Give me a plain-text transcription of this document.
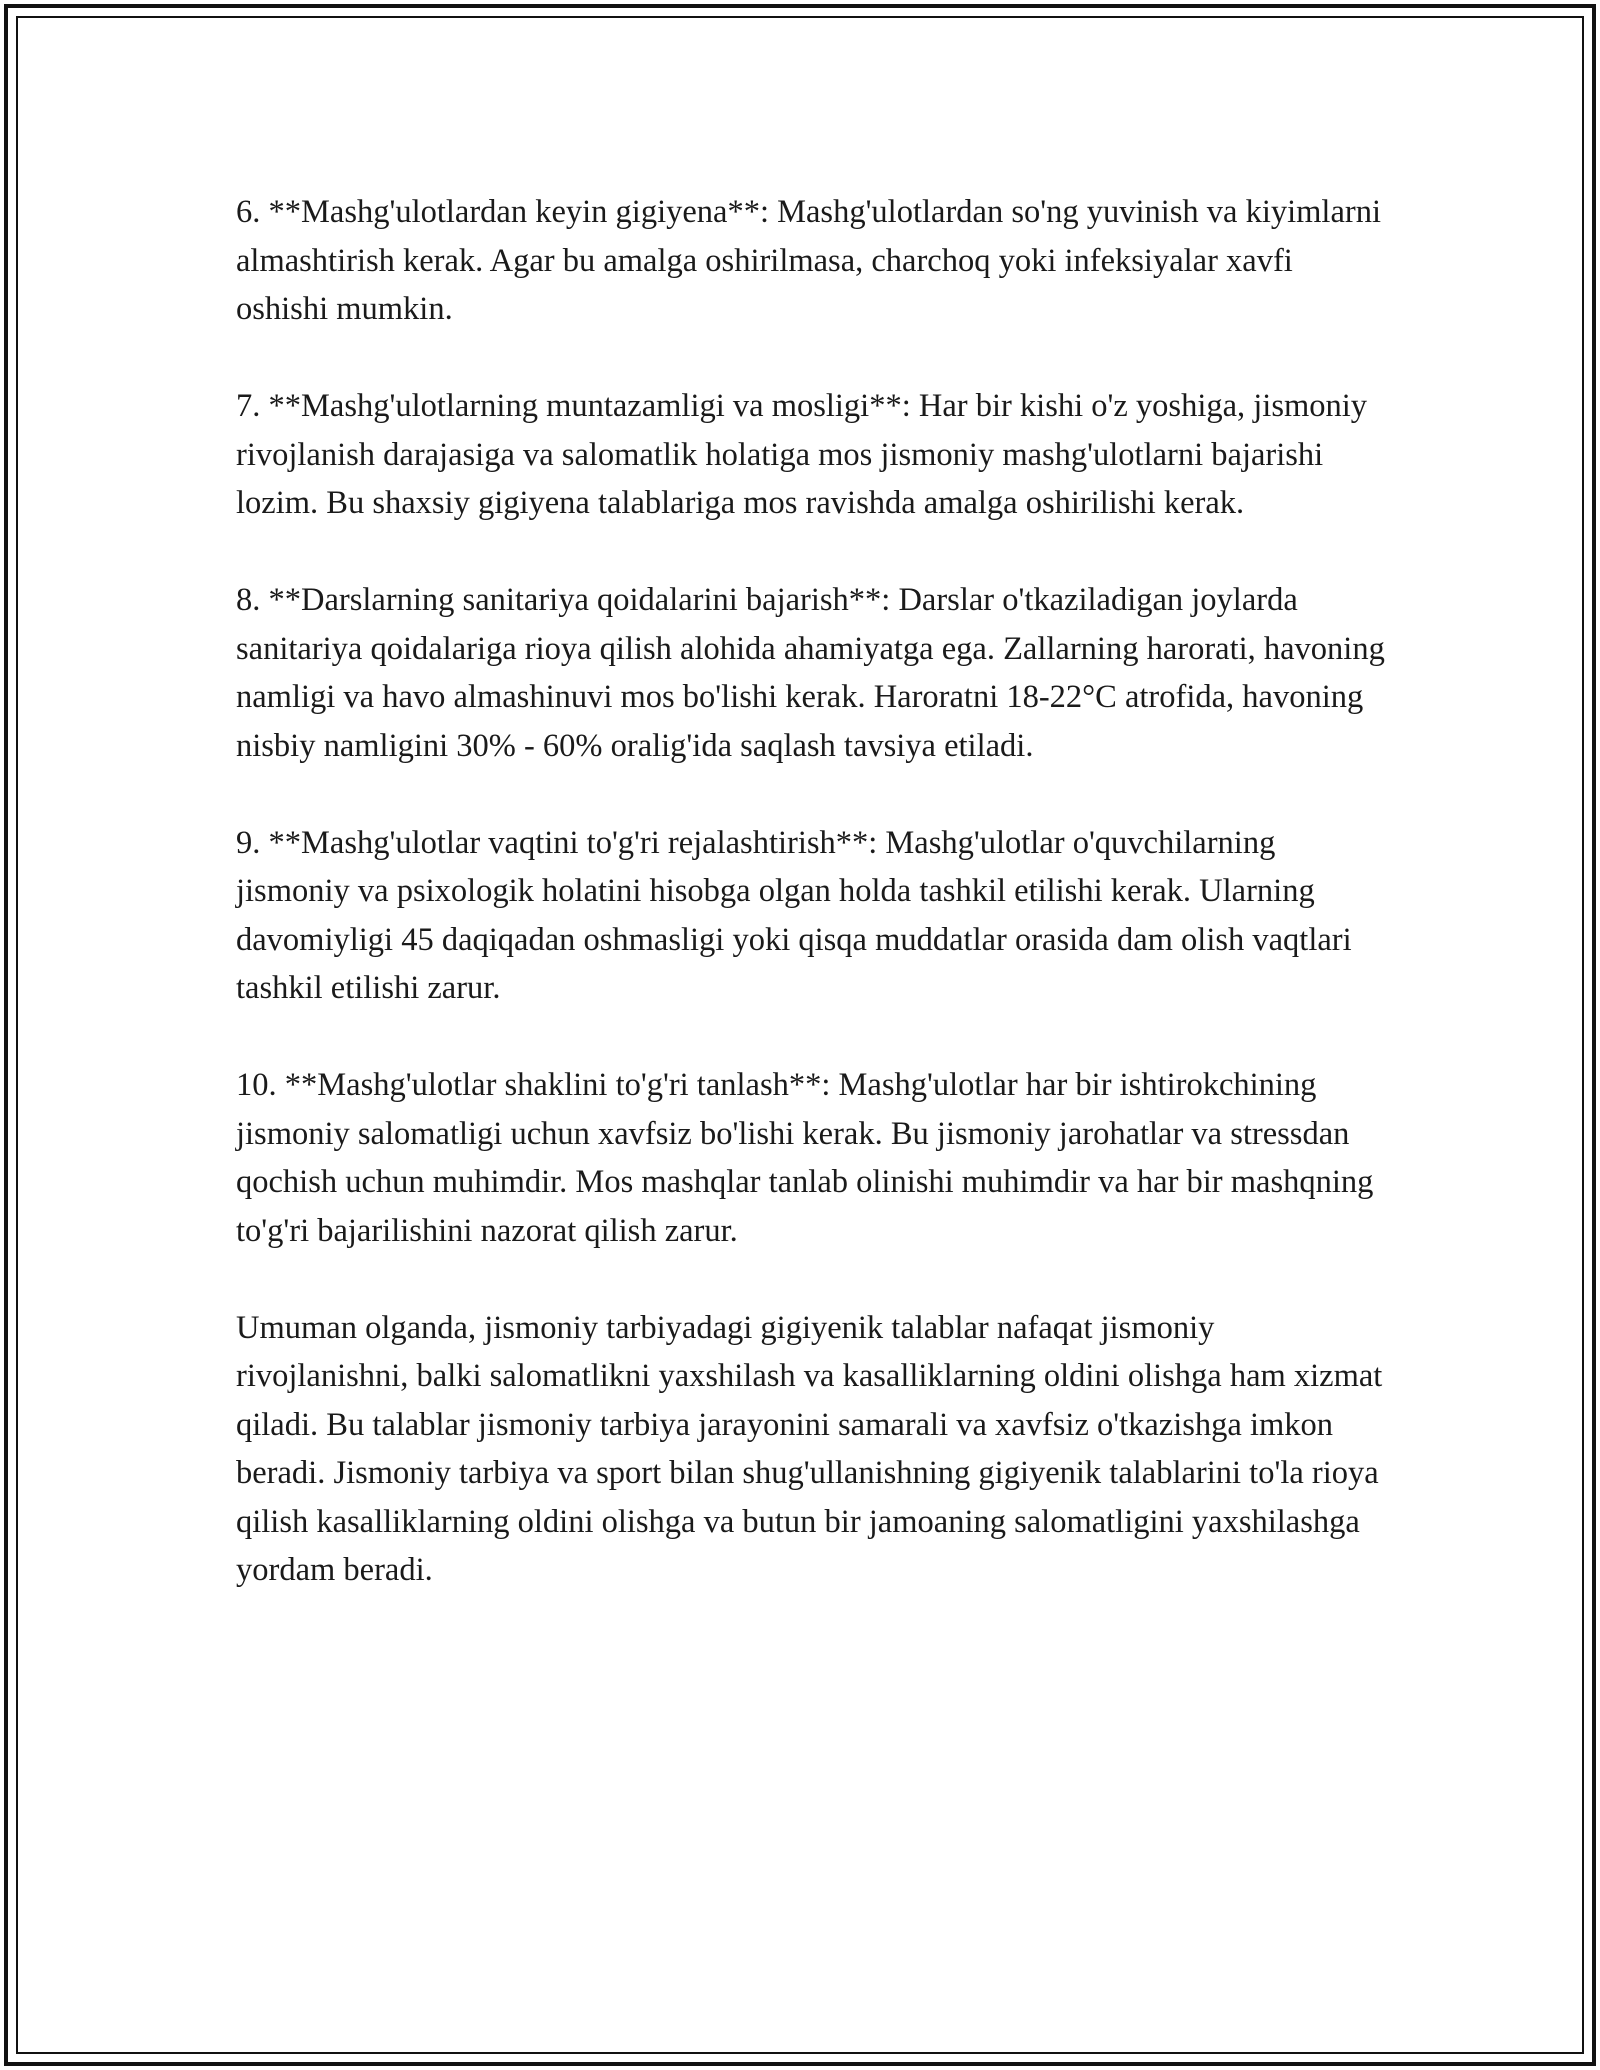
6. **Mashg'ulotlardan keyin gigiyena**: Mashg'ulotlardan so'ng yuvinish va kiyimlarni almashtirish kerak. Agar bu amalga oshirilmasa, charchoq yoki infeksiyalar xavfi oshishi mumkin.

7. **Mashg'ulotlarning muntazamligi va mosligi**: Har bir kishi o'z yoshiga, jismoniy rivojlanish darajasiga va salomatlik holatiga mos jismoniy mashg'ulotlarni bajarishi lozim. Bu shaxsiy gigiyena talablariga mos ravishda amalga oshirilishi kerak.

8. **Darslarning sanitariya qoidalarini bajarish**: Darslar o'tkaziladigan joylarda sanitariya qoidalariga rioya qilish alohida ahamiyatga ega. Zallarning harorati, havoning namligi va havo almashinuvi mos bo'lishi kerak. Haroratni 18-22°C atrofida, havoning nisbiy namligini 30% - 60% oralig'ida saqlash tavsiya etiladi.

9. **Mashg'ulotlar vaqtini to'g'ri rejalashtirish**: Mashg'ulotlar o'quvchilarning jismoniy va psixologik holatini hisobga olgan holda tashkil etilishi kerak. Ularning davomiyligi 45 daqiqadan oshmasligi yoki qisqa muddatlar orasida dam olish vaqtlari tashkil etilishi zarur.

10. **Mashg'ulotlar shaklini to'g'ri tanlash**: Mashg'ulotlar har bir ishtirokchining jismoniy salomatligi uchun xavfsiz bo'lishi kerak. Bu jismoniy jarohatlar va stressdan qochish uchun muhimdir. Mos mashqlar tanlab olinishi muhimdir va har bir mashqning to'g'ri bajarilishini nazorat qilish zarur.

Umuman olganda, jismoniy tarbiyadagi gigiyenik talablar nafaqat jismoniy rivojlanishni, balki salomatlikni yaxshilash va kasalliklarning oldini olishga ham xizmat qiladi. Bu talablar jismoniy tarbiya jarayonini samarali va xavfsiz o'tkazishga imkon beradi. Jismoniy tarbiya va sport bilan shug'ullanishning gigiyenik talablarini to'la rioya qilish kasalliklarning oldini olishga va butun bir jamoaning salomatligini yaxshilashga yordam beradi.
